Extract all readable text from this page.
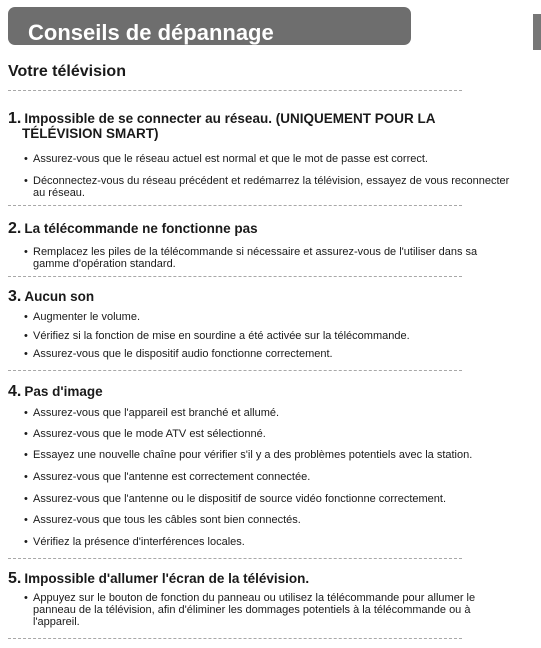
Conseils de dépannage
Votre télévision
1. Impossible de se connecter au réseau. (UNIQUEMENT POUR LA
TÉLÉVISION SMART)
• Assurez-vous que le réseau actuel est normal et que le mot de passe est correct.
• Déconnectez-vous du réseau précédent et redémarrez la télévision, essayez de vous reconnecter au réseau.
2. La télécommande ne fonctionne pas
• Remplacez les piles de la télécommande si nécessaire et assurez-vous de l'utiliser dans sa gamme d'opération standard.
3. Aucun son
• Augmenter le volume.
• Vérifiez si la fonction de mise en sourdine a été activée sur la télécommande.
• Assurez-vous que le dispositif audio fonctionne correctement.
4. Pas d'image
• Assurez-vous que l'appareil est branché et allumé.
• Assurez-vous que le mode ATV est sélectionné.
• Essayez une nouvelle chaîne pour vérifier s'il y a des problèmes potentiels avec la station.
• Assurez-vous que l'antenne est correctement connectée.
• Assurez-vous que l'antenne ou le dispositif de source vidéo fonctionne correctement.
• Assurez-vous que tous les câbles sont bien connectés.
• Vérifiez la présence d'interférences locales.
5. Impossible d'allumer l'écran de la télévision.
• Appuyez sur le bouton de fonction du panneau ou utilisez la télécommande pour allumer le panneau de la télévision, afin d'éliminer les dommages potentiels à la télécommande ou à l'appareil.
